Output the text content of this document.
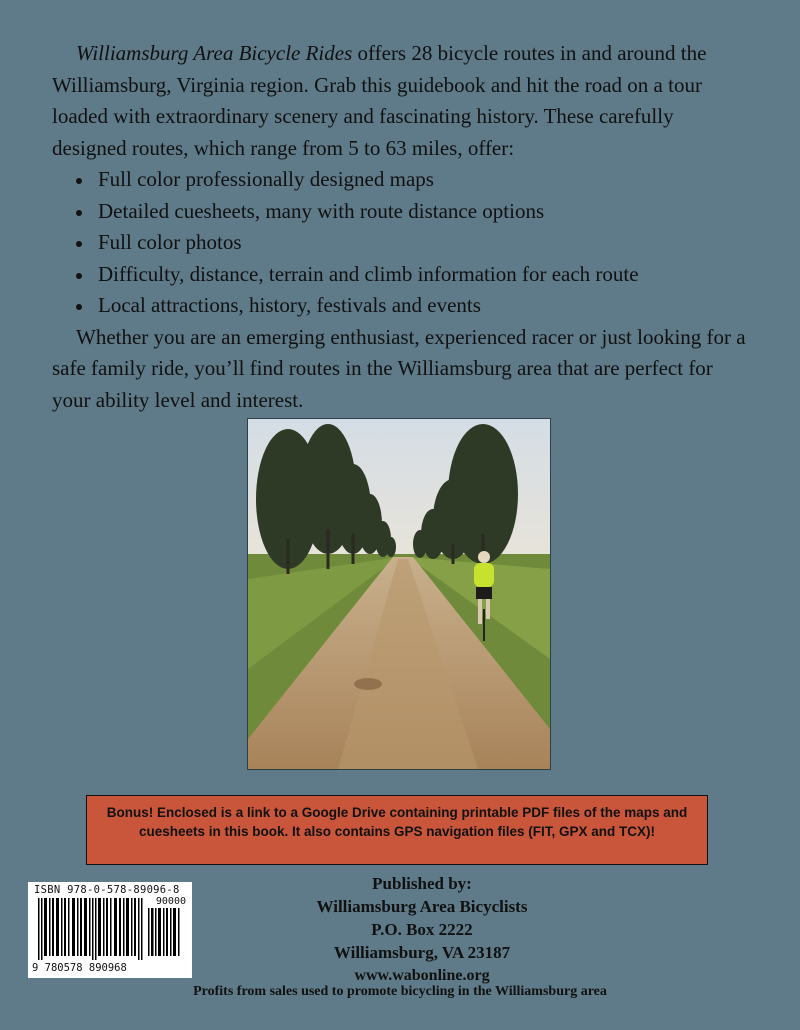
Williamsburg Area Bicycle Rides offers 28 bicycle routes in and around the Williamsburg, Virginia region. Grab this guidebook and hit the road on a tour loaded with extraordinary scenery and fascinating history. These carefully designed routes, which range from 5 to 63 miles, offer:

Full color professionally designed maps
Detailed cuesheets, many with route distance options
Full color photos
Difficulty, distance, terrain and climb information for each route
Local attractions, history, festivals and events

Whether you are an emerging enthusiast, experienced racer or just looking for a safe family ride, you’ll find routes in the Williamsburg area that are perfect for your ability level and interest.

Bonus! Enclosed is a link to a Google Drive containing printable PDF files of the maps and cuesheets in this book. It also contains GPS navigation files (FIT, GPX and TCX)!
ISBN 978-0-578-89096-8
90000
9 780578 890968
Published by:
Williamsburg Area Bicyclists
P.O. Box 2222
Williamsburg, VA 23187
www.wabonline.org
Profits from sales used to promote bicycling in the Williamsburg area
